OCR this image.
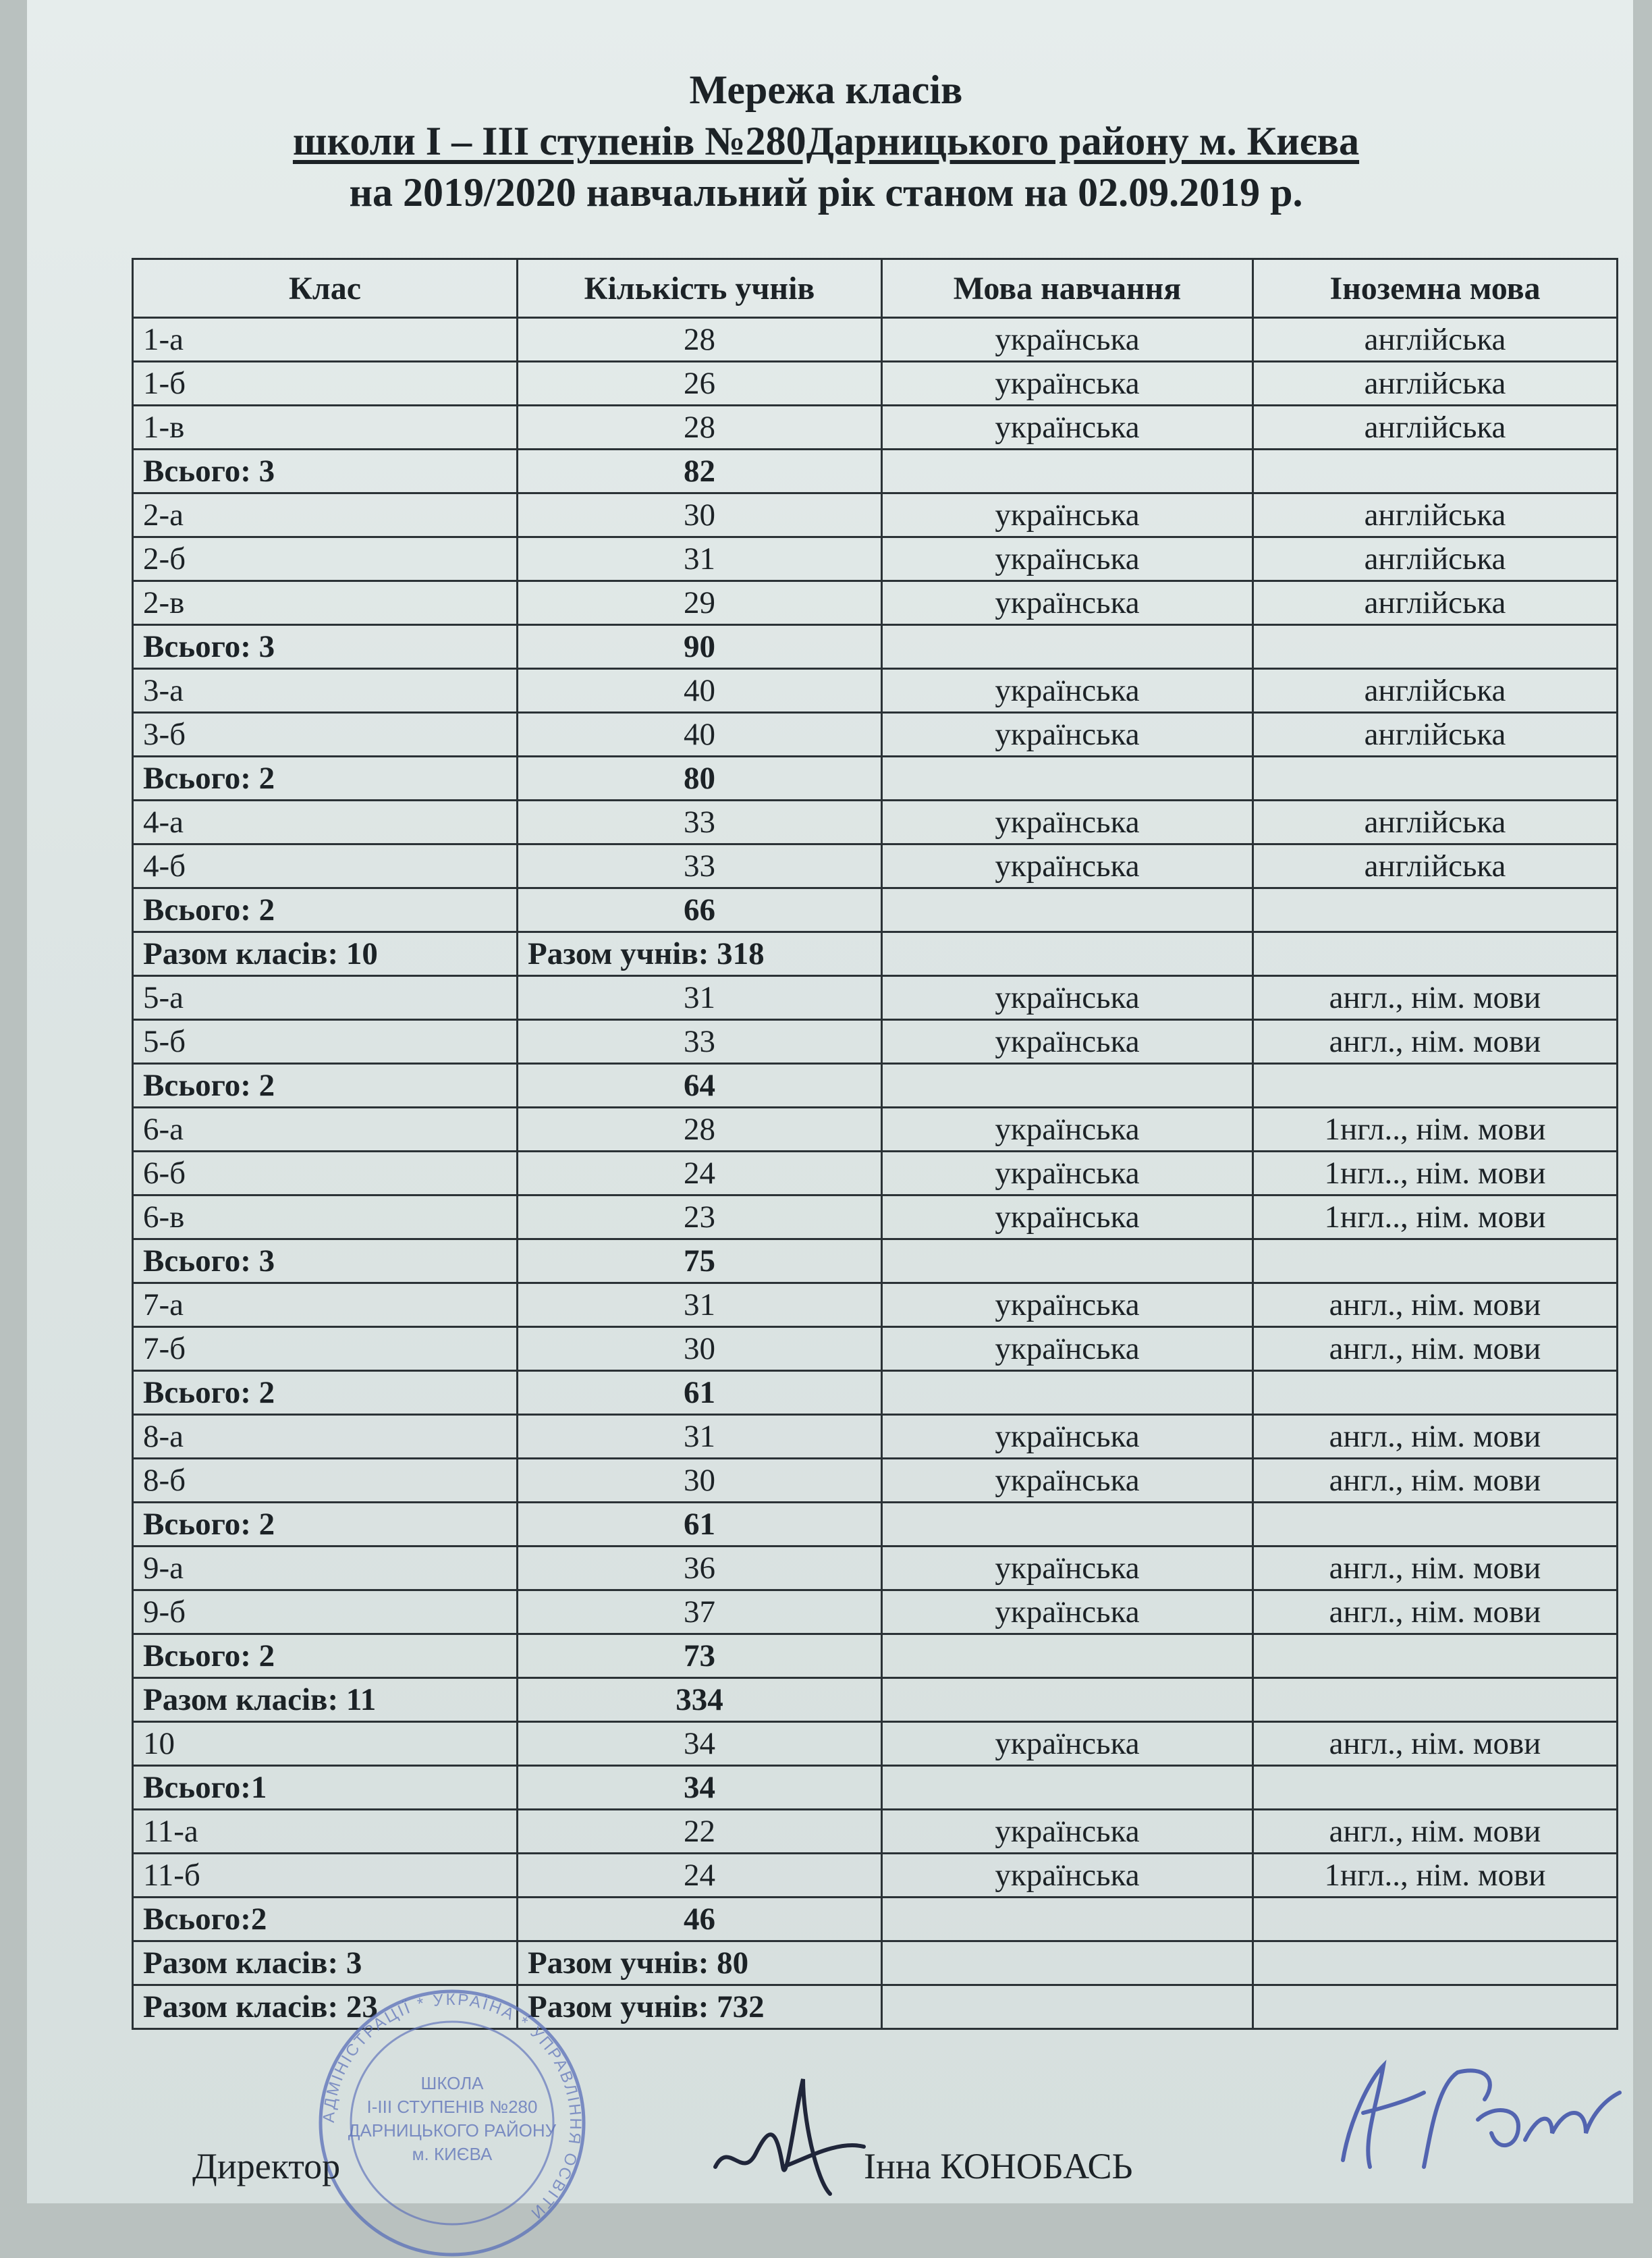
Мережа класів
школи I – III ступенів №280Дарницького району м. Києва
на 2019/2020 навчальний рік станом на 02.09.2019 р.
Клас	Кількість учнів	Мова навчання	Іноземна мова
1-а	28	українська	англійська
1-б	26	українська	англійська
1-в	28	українська	англійська
Всього: 3	82		
2-а	30	українська	англійська
2-б	31	українська	англійська
2-в	29	українська	англійська
Всього: 3	90		
3-а	40	українська	англійська
3-б	40	українська	англійська
Всього: 2	80		
4-а	33	українська	англійська
4-б	33	українська	англійська
Всього: 2	66		
Разом класів: 10	Разом учнів: 318		
5-а	31	українська	англ., нім. мови
5-б	33	українська	англ., нім. мови
Всього: 2	64		
6-а	28	українська	1нгл.., нім. мови
6-б	24	українська	1нгл.., нім. мови
6-в	23	українська	1нгл.., нім. мови
Всього: 3	75		
7-а	31	українська	англ., нім. мови
7-б	30	українська	англ., нім. мови
Всього: 2	61		
8-а	31	українська	англ., нім. мови
8-б	30	українська	англ., нім. мови
Всього: 2	61		
9-а	36	українська	англ., нім. мови
9-б	37	українська	англ., нім. мови
Всього: 2	73		
Разом класів: 11	334		
10	34	українська	англ., нім. мови
Всього:1	34		
11-а	22	українська	англ., нім. мови
11-б	24	українська	1нгл.., нім. мови
Всього:2	46		
Разом класів: 3	Разом учнів: 80		
Разом класів: 23	Разом учнів: 732		
АДМІНІСТРАЦІЇ * УКРАЇНА * УПРАВЛІННЯ ОСВІТИ
ШКОЛА
І-ІІІ СТУПЕНІВ №280
ДАРНИЦЬКОГО РАЙОНУ
м. КИЄВА
Директор	Інна КОНОБАСЬ
